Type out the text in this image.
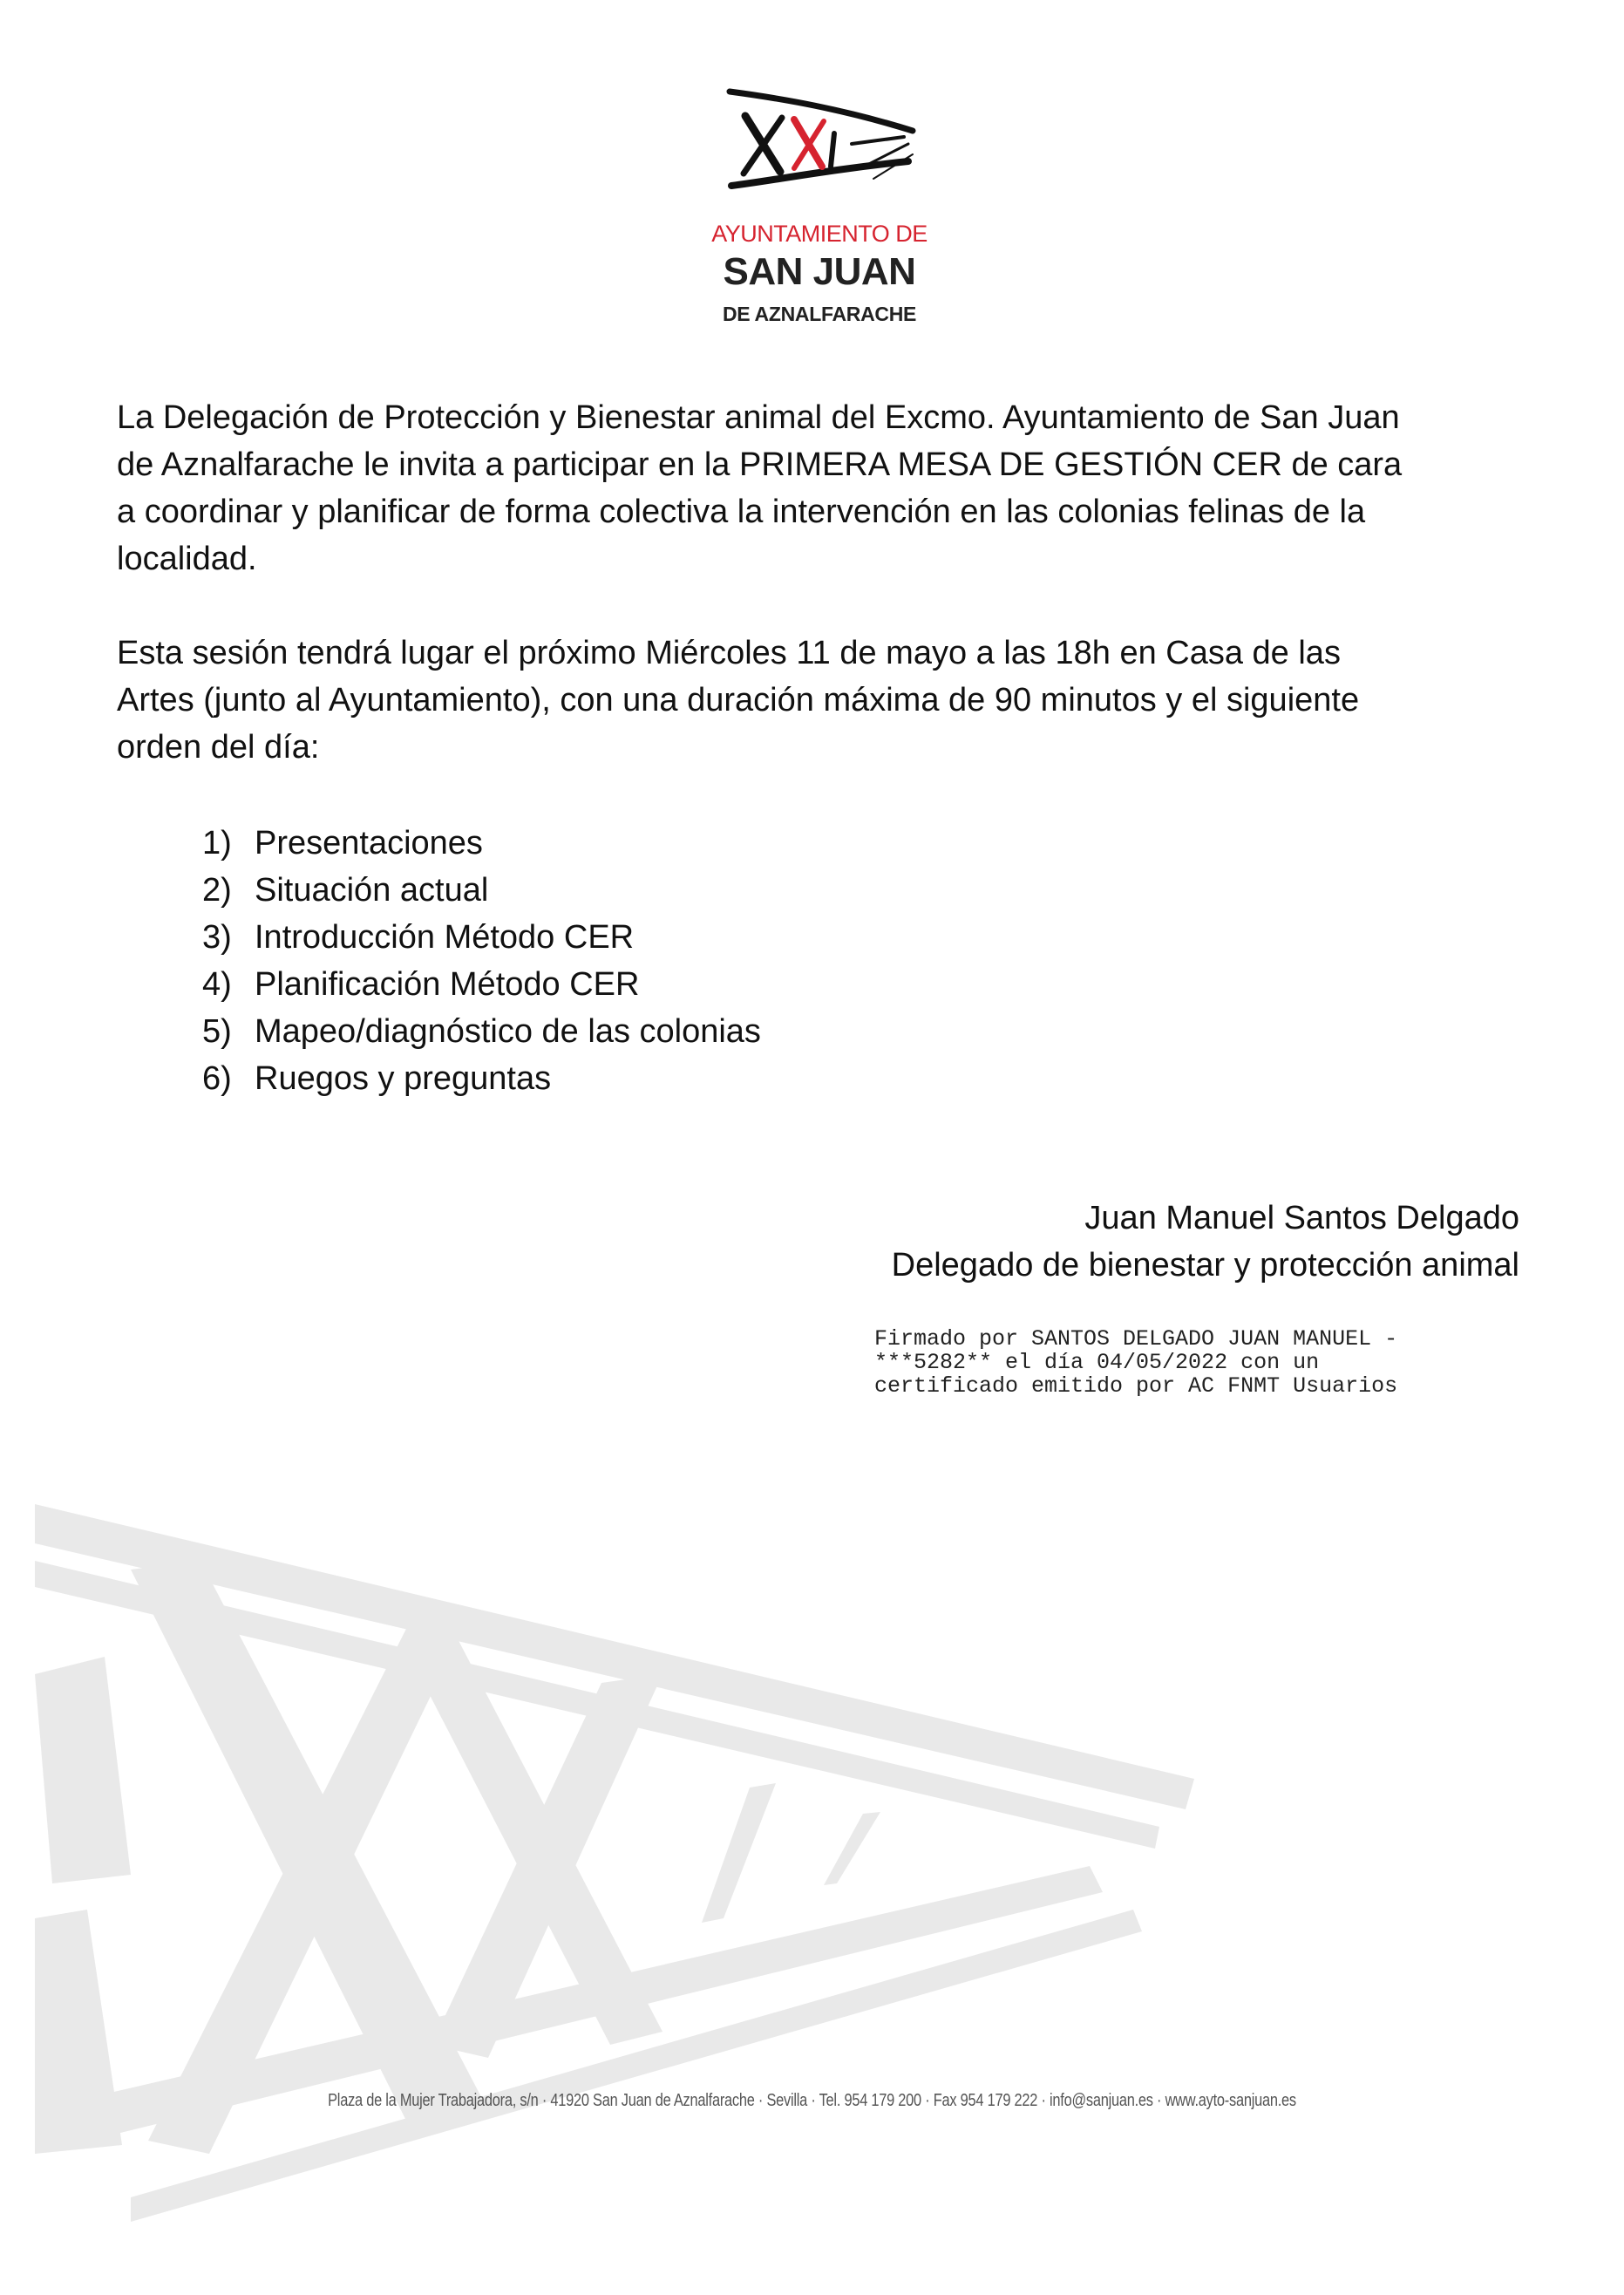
AYUNTAMIENTO DE
SAN JUAN
DE AZNALFARACHE
La Delegación de Protección y Bienestar animal del Excmo. Ayuntamiento de San Juan
de Aznalfarache le invita a participar en la PRIMERA MESA DE GESTIÓN CER de cara
a coordinar y planificar de forma colectiva la intervención en las colonias felinas de la
localidad.
Esta sesión tendrá lugar el próximo Miércoles 11 de mayo a las 18h en Casa de las
Artes (junto al Ayuntamiento), con una duración máxima de 90 minutos y el siguiente
orden del día:
1) Presentaciones
2) Situación actual
3) Introducción Método CER
4) Planificación Método CER
5) Mapeo/diagnóstico de las colonias
6) Ruegos y preguntas
Juan Manuel Santos Delgado
Delegado de bienestar y protección animal
Firmado por SANTOS DELGADO JUAN MANUEL -
***5282** el día 04/05/2022 con un
certificado emitido por AC FNMT Usuarios
Plaza de la Mujer Trabajadora, s/n · 41920 San Juan de Aznalfarache · Sevilla · Tel. 954 179 200 · Fax 954 179 222 · info@sanjuan.es · www.ayto-sanjuan.es
